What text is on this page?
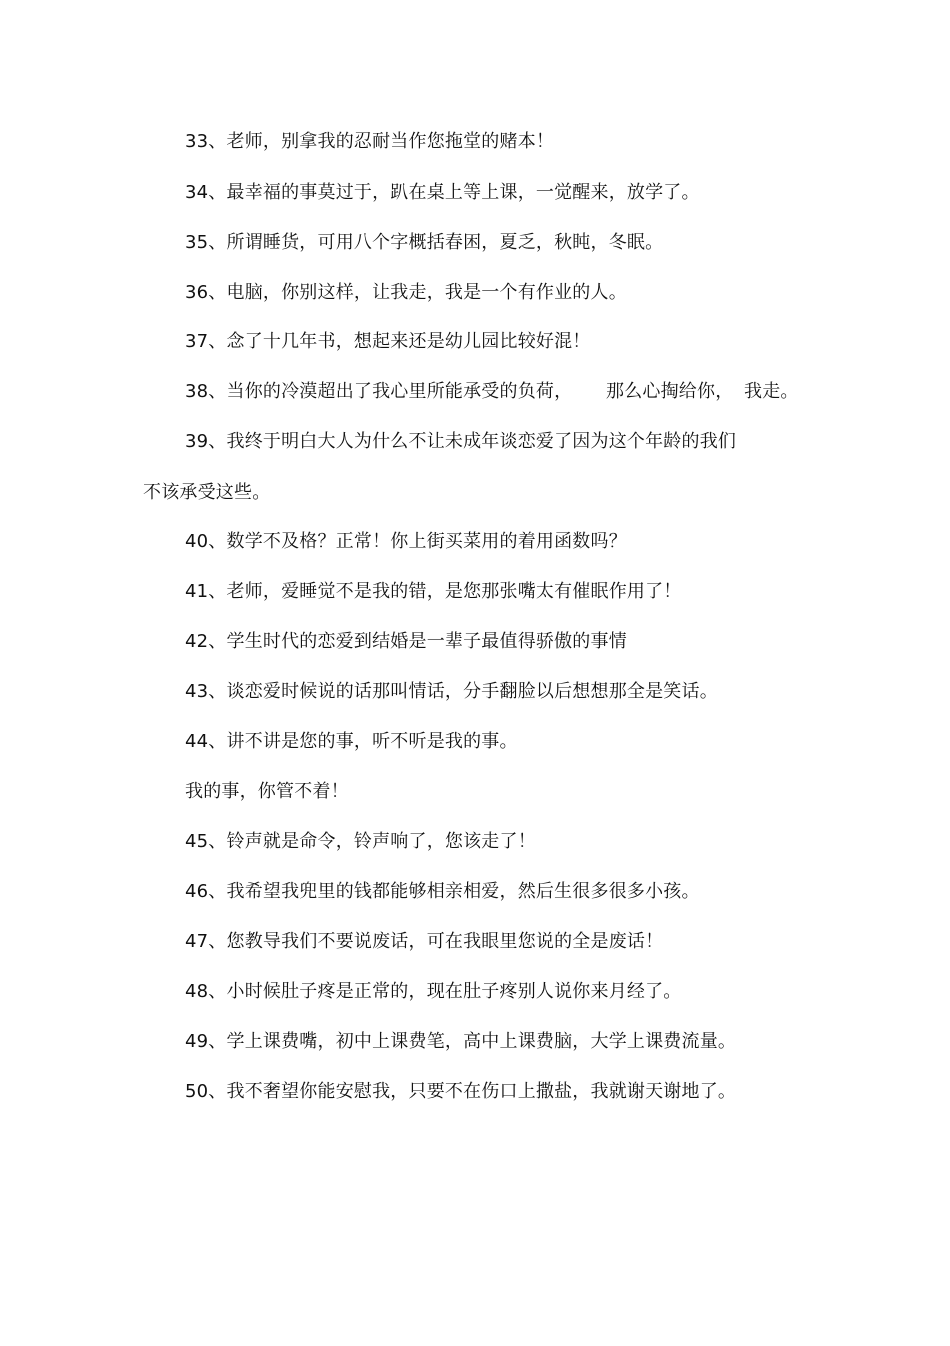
33、老师，别拿我的忍耐当作您拖堂的赌本！
34、最幸福的事莫过于，趴在桌上等上课，一觉醒来，放学了。
35、所谓睡货，可用八个字概括春困，夏乏，秋盹，冬眠。
36、电脑，你别这样，让我走，我是一个有作业的人。
37、念了十几年书，想起来还是幼儿园比较好混！
38、当你的冷漠超出了我心里所能承受的负荷， 那么心掏给你， 我走。
39、我终于明白大人为什么不让未成年谈恋爱了因为这个年龄的我们
不该承受这些。
40、数学不及格？正常！你上街买菜用的着用函数吗？
41、老师，爱睡觉不是我的错，是您那张嘴太有催眠作用了！
42、学生时代的恋爱到结婚是一辈子最值得骄傲的事情
43、谈恋爱时候说的话那叫情话，分手翻脸以后想想那全是笑话。
44、讲不讲是您的事，听不听是我的事。
我的事，你管不着！
45、铃声就是命令，铃声响了，您该走了！
46、我希望我兜里的钱都能够相亲相爱，然后生很多很多小孩。
47、您教导我们不要说废话，可在我眼里您说的全是废话！
48、小时候肚子疼是正常的，现在肚子疼别人说你来月经了。
49、学上课费嘴，初中上课费笔，高中上课费脑，大学上课费流量。
50、我不奢望你能安慰我，只要不在伤口上撒盐，我就谢天谢地了。
